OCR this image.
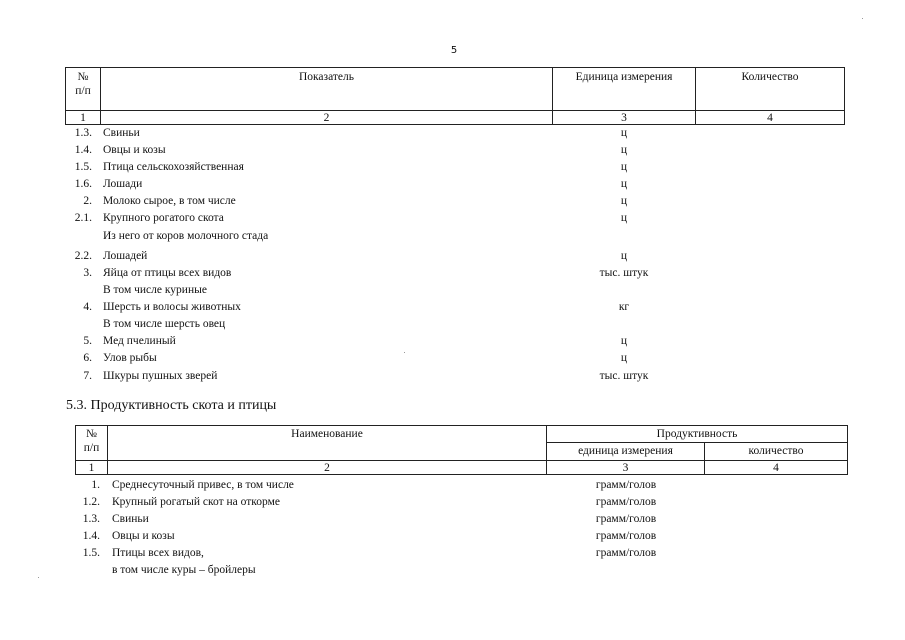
5
№
п/п	Показатель	Единица измерения	Количество
1	2	3	4
1.3. Свиньи	ц
1.4. Овцы и козы	ц
1.5. Птица сельскохозяйственная	ц
1.6. Лошади	ц
2. Молоко сырое, в том числе	ц
2.1. Крупного рогатого скота	ц
Из него от коров молочного стада
2.2. Лошадей	ц
3. Яйца от птицы всех видов	тыс. штук
В том числе куриные
4. Шерсть и волосы животных	кг
В том числе шерсть овец
5. Мед пчелиный	ц
6. Улов рыбы	ц
7. Шкуры пушных зверей	тыс. штук
5.3. Продуктивность скота и птицы
№
п/п	Наименование	Продуктивность	
		единица измерения	количество
1	2	3	4
1. Среднесуточный привес, в том числе	грамм/голов
1.2. Крупный рогатый скот на откорме	грамм/голов
1.3. Свиньи	грамм/голов
1.4. Овцы и козы	грамм/голов
1.5. Птицы всех видов,	грамм/голов
в том числе куры – бройлеры
